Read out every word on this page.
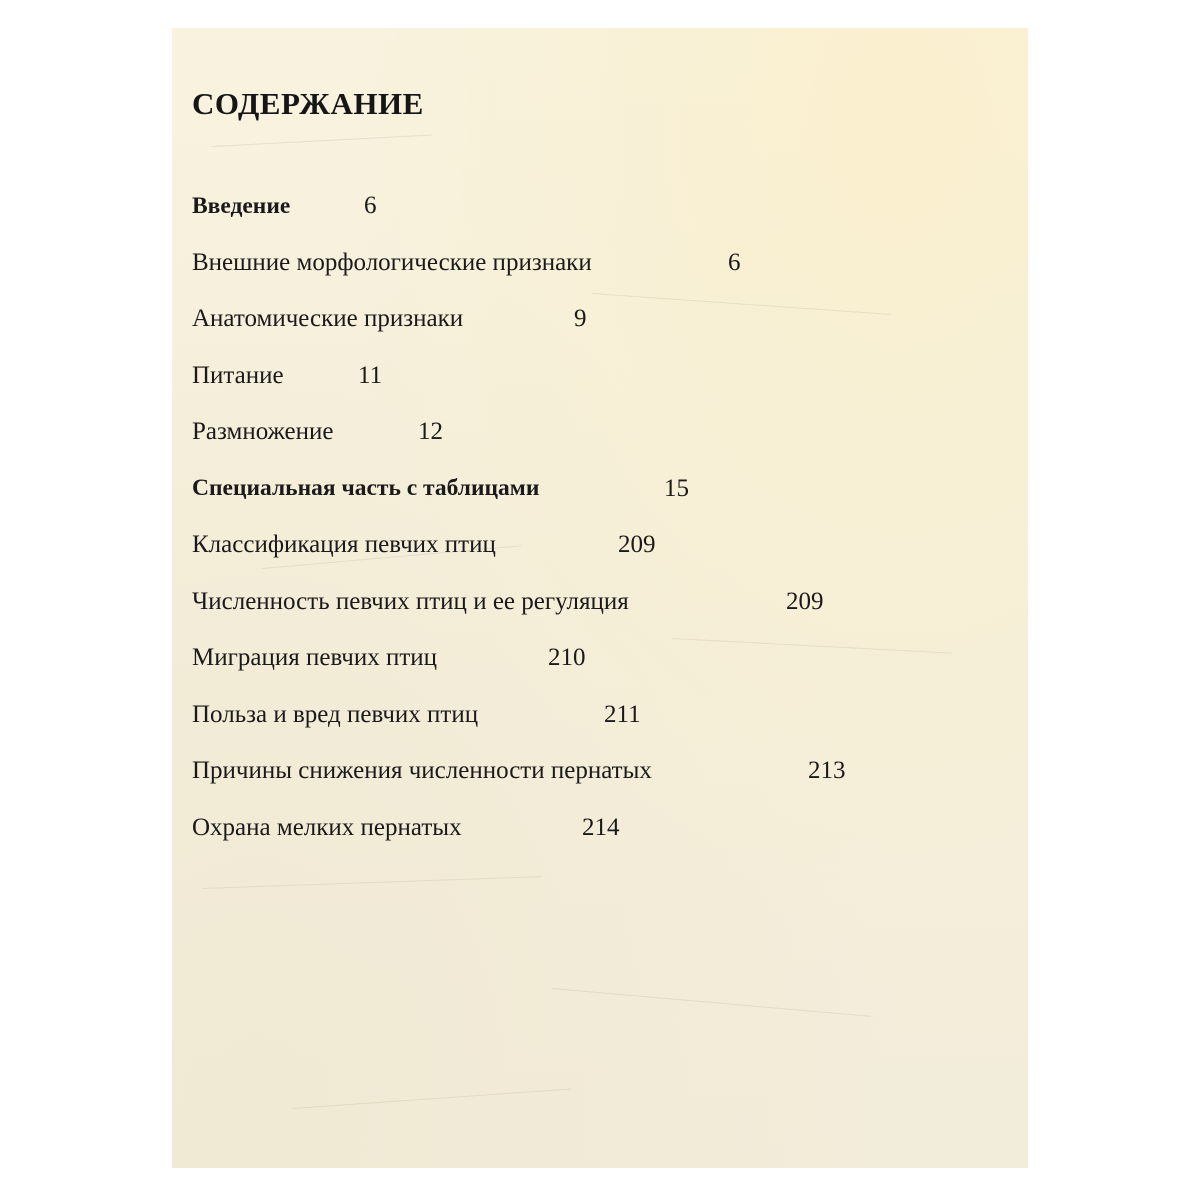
СОДЕРЖАНИЕ
Введение	6
Внешние морфологические признаки	6
Анатомические признаки	9
Питание	11
Размножение	12
Специальная часть с таблицами	15
Классификация певчих птиц	209
Численность певчих птиц и ее регуляция	209
Миграция певчих птиц	210
Польза и вред певчих птиц	211
Причины снижения численности пернатых	213
Охрана мелких пернатых	214
